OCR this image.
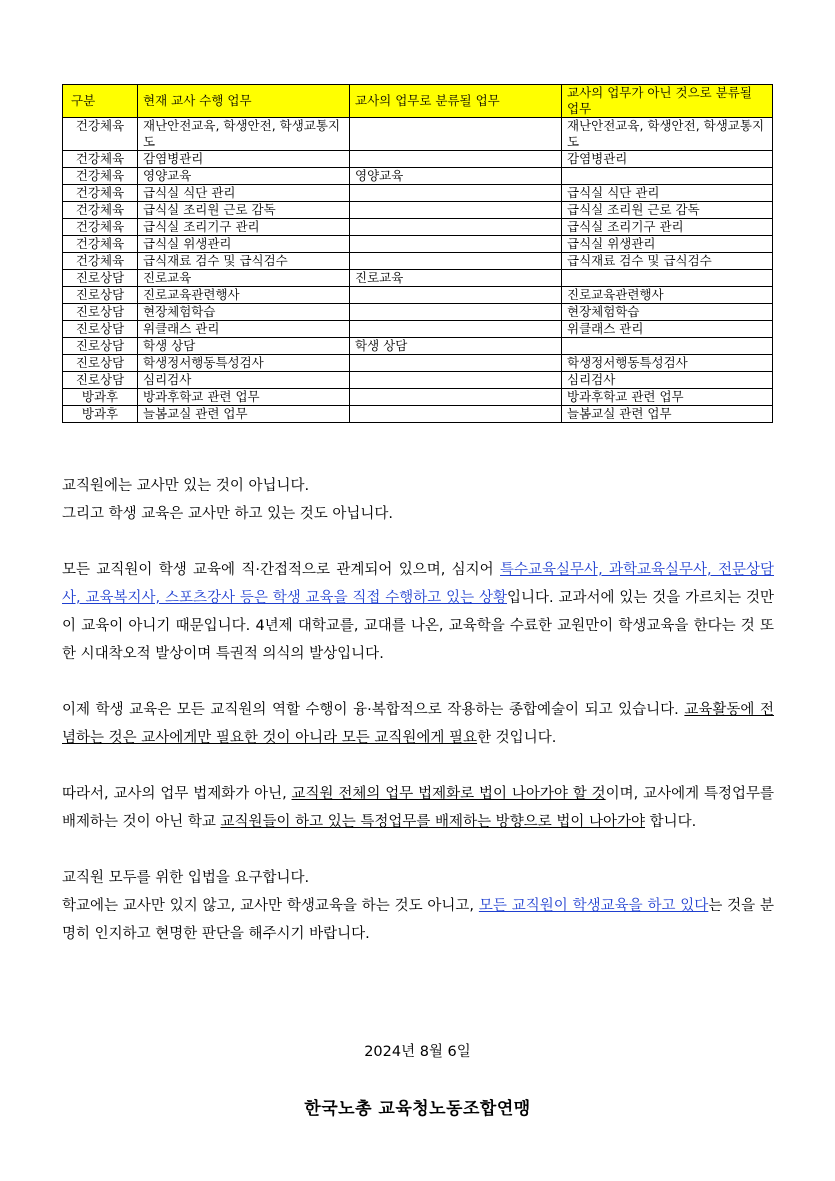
구분	현재 교사 수행 업무	교사의 업무로 분류될 업무	교사의 업무가 아닌 것으로 분류될 업무
건강체육	재난안전교육, 학생안전, 학생교통지도		재난안전교육, 학생안전, 학생교통지도
건강체육	감염병관리		감염병관리
건강체육	영양교육	영양교육	
건강체육	급식실 식단 관리		급식실 식단 관리
건강체육	급식실 조리원 근로 감독		급식실 조리원 근로 감독
건강체육	급식실 조리기구 관리		급식실 조리기구 관리
건강체육	급식실 위생관리		급식실 위생관리
건강체육	급식재료 검수 및 급식검수		급식재료 검수 및 급식검수
진로상담	진로교육	진로교육	
진로상담	진로교육관련행사		진로교육관련행사
진로상담	현장체험학습		현장체험학습
진로상담	위클래스 관리		위클래스 관리
진로상담	학생 상담	학생 상담	
진로상담	학생정서행동특성검사		학생정서행동특성검사
진로상담	심리검사		심리검사
방과후	방과후학교 관련 업무		방과후학교 관련 업무
방과후	늘봄교실 관련 업무		늘봄교실 관련 업무

교직원에는 교사만 있는 것이 아닙니다.
그리고 학생 교육은 교사만 하고 있는 것도 아닙니다.

모든 교직원이 학생 교육에 직·간접적으로 관계되어 있으며, 심지어 특수교육실무사, 과학교육실무사, 전문상담사, 교육복지사, 스포츠강사 등은 학생 교육을 직접 수행하고 있는 상황입니다. 교과서에 있는 것을 가르치는 것만이 교육이 아니기 때문입니다. 4년제 대학교를, 교대를 나온, 교육학을 수료한 교원만이 학생교육을 한다는 것 또한 시대착오적 발상이며 특권적 의식의 발상입니다.

이제 학생 교육은 모든 교직원의 역할 수행이 융·복합적으로 작용하는 종합예술이 되고 있습니다. 교육활동에 전념하는 것은 교사에게만 필요한 것이 아니라 모든 교직원에게 필요한 것입니다.

따라서, 교사의 업무 법제화가 아닌, 교직원 전체의 업무 법제화로 법이 나아가야 할 것이며, 교사에게 특정업무를 배제하는 것이 아닌 학교 교직원들이 하고 있는 특정업무를 배제하는 방향으로 법이 나아가야 합니다.

교직원 모두를 위한 입법을 요구합니다.
학교에는 교사만 있지 않고, 교사만 학생교육을 하는 것도 아니고, 모든 교직원이 학생교육을 하고 있다는 것을 분명히 인지하고 현명한 판단을 해주시기 바랍니다.

2024년 8월 6일
한국노총 교육청노동조합연맹
